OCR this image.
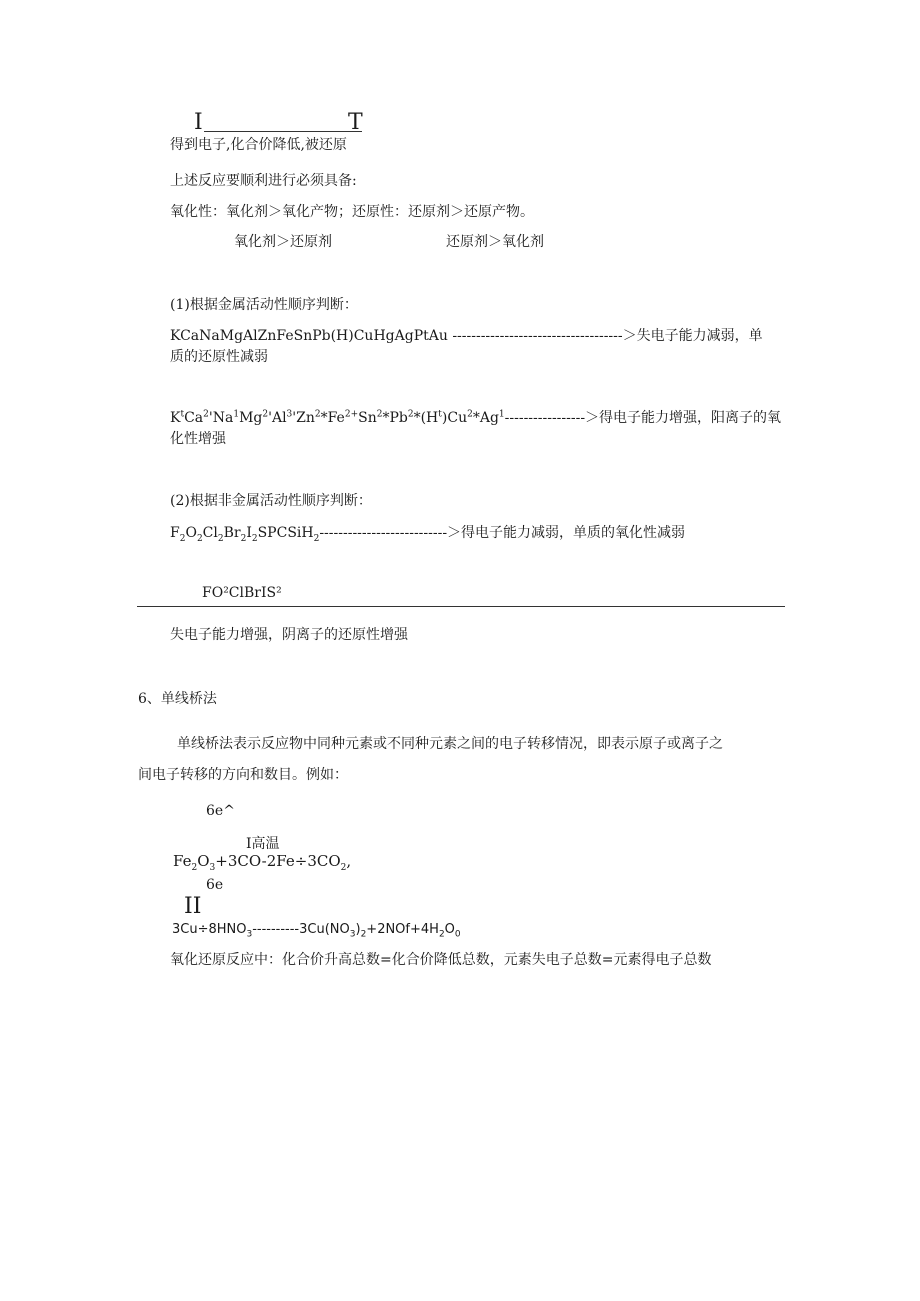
I	T
得到电子,化合价降低,被还原
上述反应要顺利进行必须具备:
氧化性：氧化剂＞氧化产物；还原性：还原剂＞还原产物。
氧化剂＞还原剂	还原剂＞氧化剂
(1)根据金属活动性顺序判断：
KCaNaMgAlZnFeSnPb(H)CuHgAgPtAu ------------------------------------＞失电子能力减弱，单
质的还原性减弱
$K^tCa^2'Na^1Mg^2'Al^3'Zn^2*Fe^{2+}Sn^2*Pb^2*(H^t)Cu^2*Ag^1----------------->$得电子能力增强，阳离子的氧
化性增强
(2)根据非金属活动性顺序判断：
$F_2O_2Cl_2Br_2I_2SPCSiH_2--------------------------->$得电子能力减弱，单质的氧化性减弱
FO²ClBrIS²
失电子能力增强，阴离子的还原性增强
6、单线桥法
单线桥法表示反应物中同种元素或不同种元素之间的电子转移情况，即表示原子或离子之
间电子转移的方向和数目。例如：
6e^
I高温
$Fe_2O_3+3CO-2Fe\div 3CO_2$,
6e
II
$3Cu\div 8HNO_3----------3Cu(NO_3)_2+2NOf+4H_2O_0$
氧化还原反应中：化合价升高总数=化合价降低总数，元素失电子总数=元素得电子总数
